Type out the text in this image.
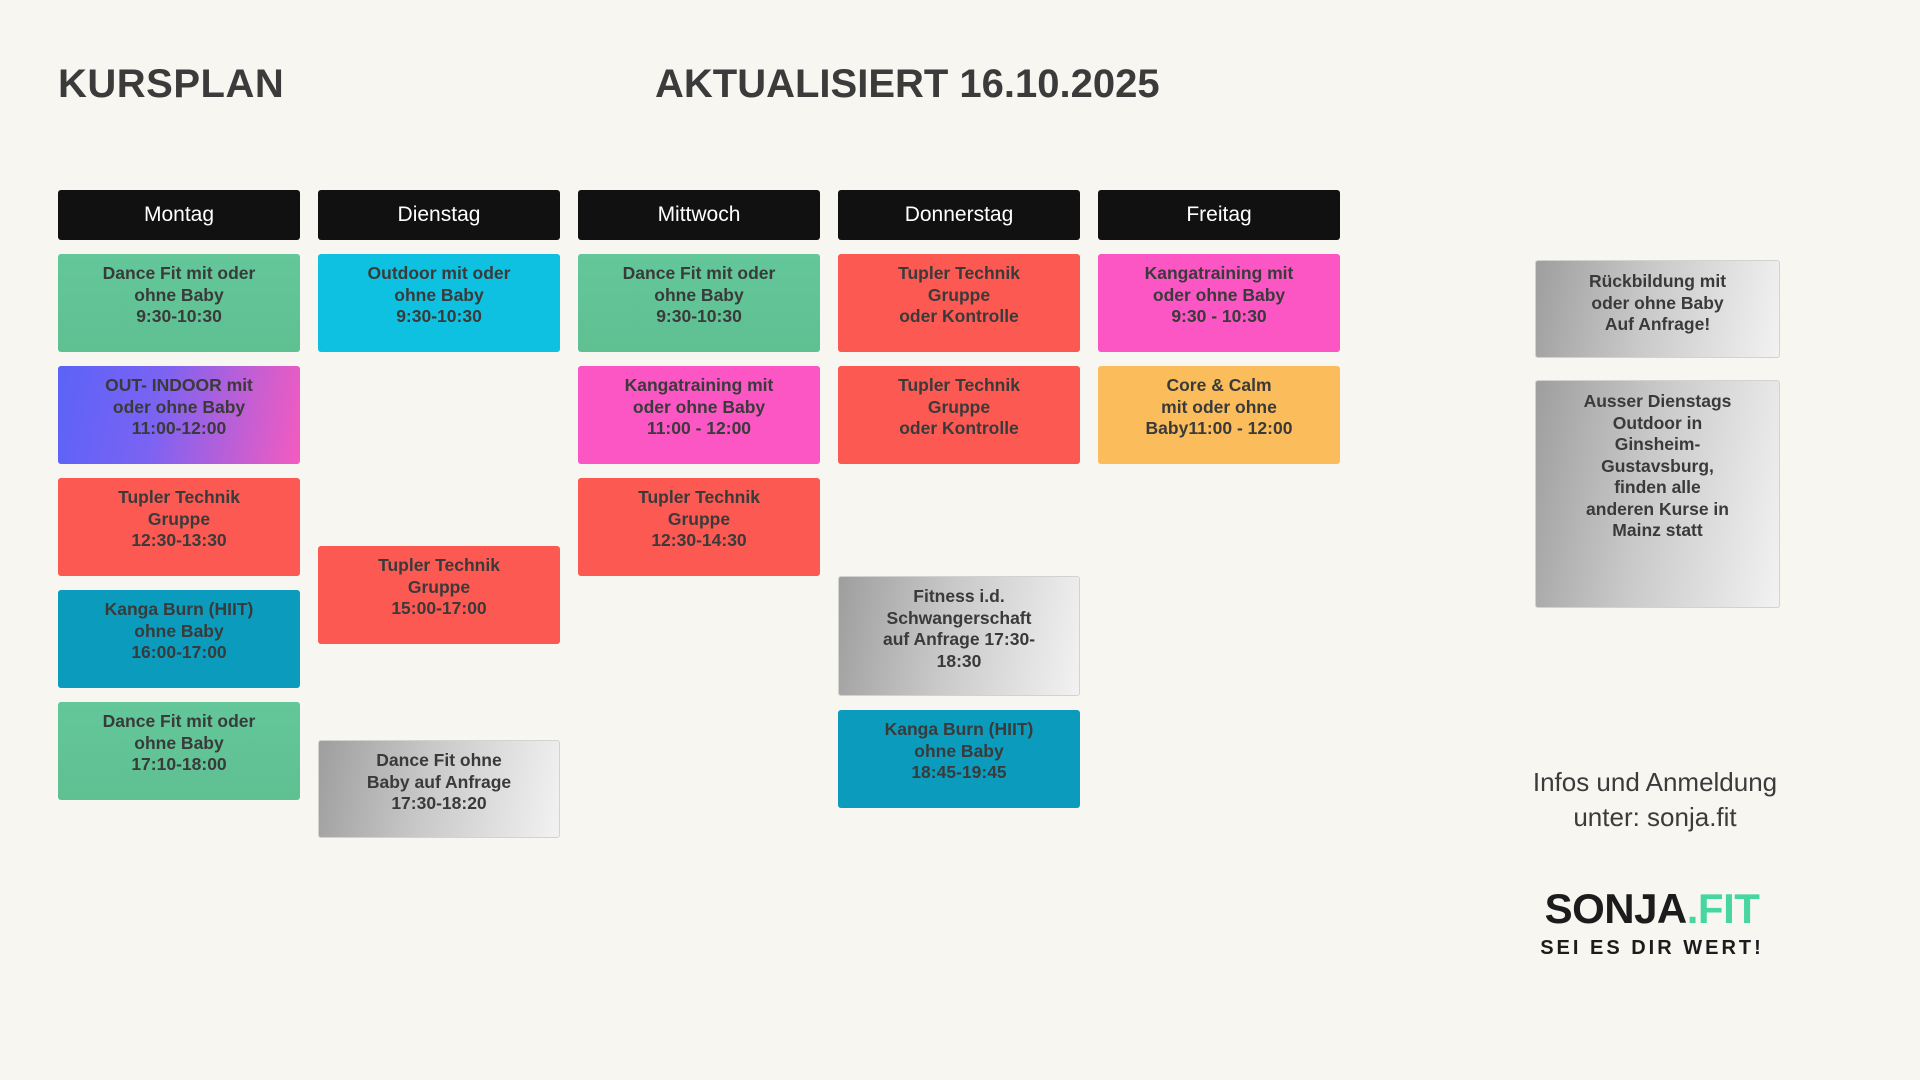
KURSPLAN	AKTUALISIERT 16.10.2025
Montag
Dance Fit mit oder
ohne Baby
9:30-10:30
OUT- INDOOR mit
oder ohne Baby
11:00-12:00
Tupler Technik
Gruppe
12:30-13:30
Kanga Burn (HIIT)
ohne Baby
16:00-17:00
Dance Fit mit oder
ohne Baby
17:10-18:00
Dienstag
Outdoor mit oder
ohne Baby
9:30-10:30
Tupler Technik
Gruppe
15:00-17:00
Dance Fit ohne
Baby auf Anfrage
17:30-18:20
Mittwoch
Dance Fit mit oder
ohne Baby
9:30-10:30
Kangatraining mit
oder ohne Baby
11:00 - 12:00
Tupler Technik
Gruppe
12:30-14:30
Donnerstag
Tupler Technik
Gruppe
oder Kontrolle
Tupler Technik
Gruppe
oder Kontrolle
Fitness i.d.
Schwangerschaft
auf Anfrage 17:30-
18:30
Kanga Burn (HIIT)
ohne Baby
18:45-19:45
Freitag
Kangatraining mit
oder ohne Baby
9:30 - 10:30
Core & Calm
mit oder ohne
Baby11:00 - 12:00
Rückbildung mit
oder ohne Baby
Auf Anfrage!
Ausser Dienstags
Outdoor in
Ginsheim-
Gustavsburg,
finden alle
anderen Kurse in
Mainz statt
Infos und Anmeldung
unter: sonja.fit
SONJA.FIT
SEI ES DIR WERT!
